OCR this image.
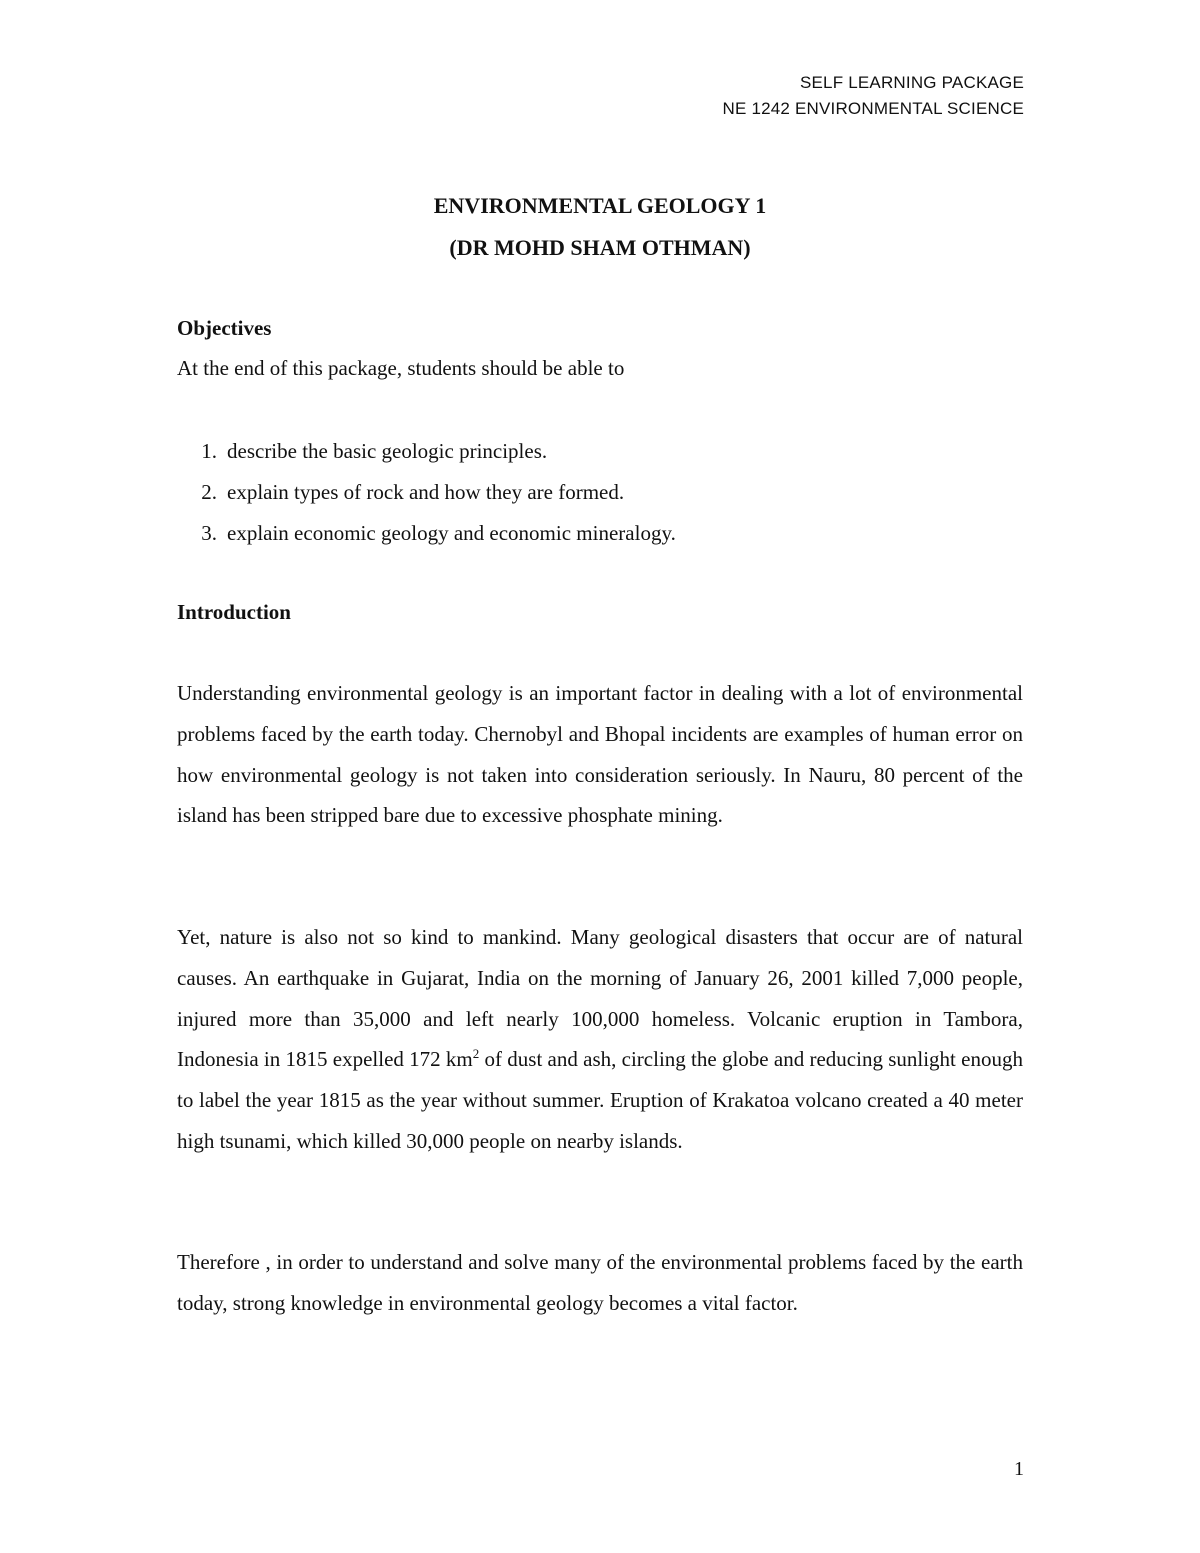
SELF LEARNING PACKAGE
NE 1242 ENVIRONMENTAL SCIENCE
ENVIRONMENTAL GEOLOGY 1
(DR MOHD SHAM OTHMAN)
Objectives
At the end of this package, students should be able to
1. describe the basic geologic principles.
2. explain types of rock and how they are formed.
3. explain economic geology and economic mineralogy.
Introduction

Understanding environmental geology is an important factor in dealing with a lot of environmental problems faced by the earth today. Chernobyl and Bhopal incidents are examples of human error on how environmental geology is not taken into consideration seriously. In Nauru, 80 percent of the island has been stripped bare due to excessive phosphate mining.

Yet, nature is also not so kind to mankind. Many geological disasters that occur are of natural causes. An earthquake in Gujarat, India on the morning of January 26, 2001 killed 7,000 people, injured more than 35,000 and left nearly 100,000 homeless. Volcanic eruption in Tambora, Indonesia in 1815 expelled 172 $km^2$ of dust and ash, circling the globe and reducing sunlight enough to label the year 1815 as the year without summer. Eruption of Krakatoa volcano created a 40 meter high tsunami, which killed 30,000 people on nearby islands.

Therefore , in order to understand and solve many of the environmental problems faced by the earth today, strong knowledge in environmental geology becomes a vital factor.

1
